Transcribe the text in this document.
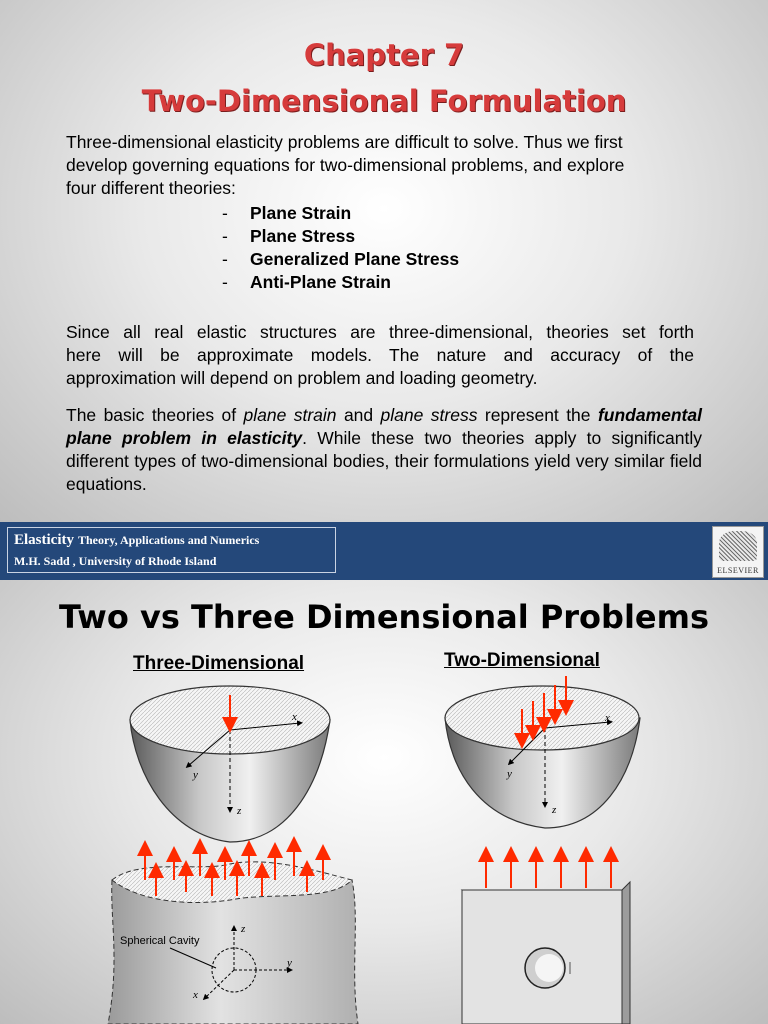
Chapter 7
Two-Dimensional Formulation
Three-dimensional elasticity problems are difficult to solve. Thus we first
develop governing equations for two-dimensional problems, and explore
four different theories:
- Plane Strain
- Plane Stress
- Generalized Plane Stress
- Anti-Plane Strain
Since all real elastic structures are three-dimensional, theories set forth
here will be approximate models. The nature and accuracy of the
approximation will depend on problem and loading geometry.
The basic theories of plane strain and plane stress represent the fundamental plane problem in elasticity. While these two theories apply to significantly different types of two-dimensional bodies, their formulations yield very similar field equations.
Elasticity Theory, Applications and Numerics
M.H. Sadd , University of Rhode Island
ELSEVIER
Two vs Three Dimensional Problems
Three-Dimensional	Two-Dimensional
x
y
z
x
y
z
z
y
x
Spherical Cavity
